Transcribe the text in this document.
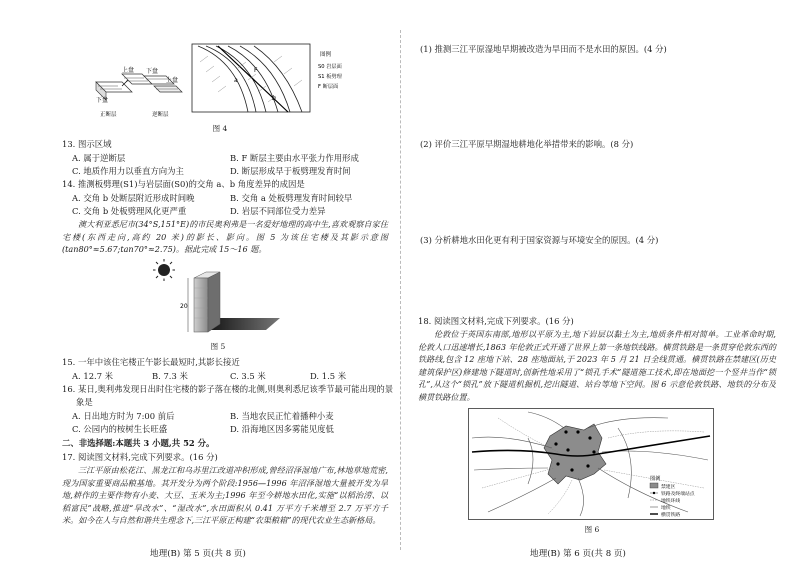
上盘
下盘
正断层
下盘
上盘
逆断层
a
b
F
图例
S0 岩层面
S1 板劈理
F 断层面
图 4
13. 图示区域
A. 属于逆断层	B. F 断层主要由水平张力作用形成
C. 地质作用力以垂直方向为主	D. 断层形成早于板劈理发育时间
14. 推测板劈理(S1)与岩层面(S0)的交角 a、b 角度差异的成因是
A. 交角 b 处断层附近形成时间晚	B. 交角 a 处板劈理发育时间较早
C. 交角 b 处板劈理风化更严重	D. 岩层不同部位受力差异
澳大利亚悉尼市(34°S,151°E)的市民奥利弗是一名爱好地理的高中生,喜欢观察自家住宅楼(东西走向,高约 20 米)的影长、影向。图 5 为该住宅楼及其影示意图(tan80°≈5.67;tan70°≈2.75)。据此完成 15～16 题。
20
图 5
15. 一年中该住宅楼正午影长最短时,其影长接近
A. 12.7 米	B. 7.3 米	C. 3.5 米	D. 1.5 米
16. 某日,奥利弗发现日出时住宅楼的影子落在楼的北侧,则奥利悉尼该季节最可能出现的景
象是
A. 日出地方时为 7:00 前后	B. 当地农民正忙着播种小麦
C. 公园内的桉树生长旺盛	D. 沿海地区因多雾能见度低
二、非选择题:本题共 3 小题,共 52 分。
17. 阅读图文材料,完成下列要求。(16 分)
三江平原由松花江、黑龙江和乌苏里江改道冲积形成,曾经沼泽湿地广布,林地草地荒密,现为国家重要商品粮基地。其开发分为两个阶段:1956—1996 年沼泽湿地大量被开发为旱地,耕作的主要作物有小麦、大豆、玉米为主;1996 年至今耕地水田化,实施“以稻治涝、以稻富民”战略,推进“旱改水”、“湿改水”,水田面积从 0.41 万平方千米增至 2.7 万平方千米。如今在人与自然和谐共生理念下,三江平原正构建“农渠粮箱”的现代农业生态新格局。
地理(B) 第 5 页(共 8 页)
(1) 推测三江平原湿地早期被改造为旱田而不是水田的原因。(4 分)
(2) 评价三江平原早期湿地耕地化举措带来的影响。(8 分)
(3) 分析耕地水田化更有利于国家资源与环境安全的原因。(4 分)
18. 阅读图文材料,完成下列要求。(16 分)
伦敦位于英国东南部,地形以平原为主,地下岩层以黏土为主,地质条件相对简单。工业革命时期,伦敦人口迅速增长,1863 年伦敦正式开通了世界上第一条地铁线路。横贯铁路是一条贯穿伦敦东西的铁路线,包含 12 座地下站、28 座地面站,于 2023 年 5 月 21 日全线贯通。横贯铁路在禁建区(历史建筑保护区)修建地下隧道时,创新性地采用了“锁孔手术”隧道施工技术,即在地面挖一个竖井当作“锁孔”,从这个“锁孔”放下隧道机掘机,挖出隧道、站台等地下空间。图 6 示意伦敦铁路、地铁的分布及横贯铁路位置。
图例
禁建区
铁路及终端站点
地铁环线
地铁
横贯铁路
图 6
地理(B) 第 6 页(共 8 页)
